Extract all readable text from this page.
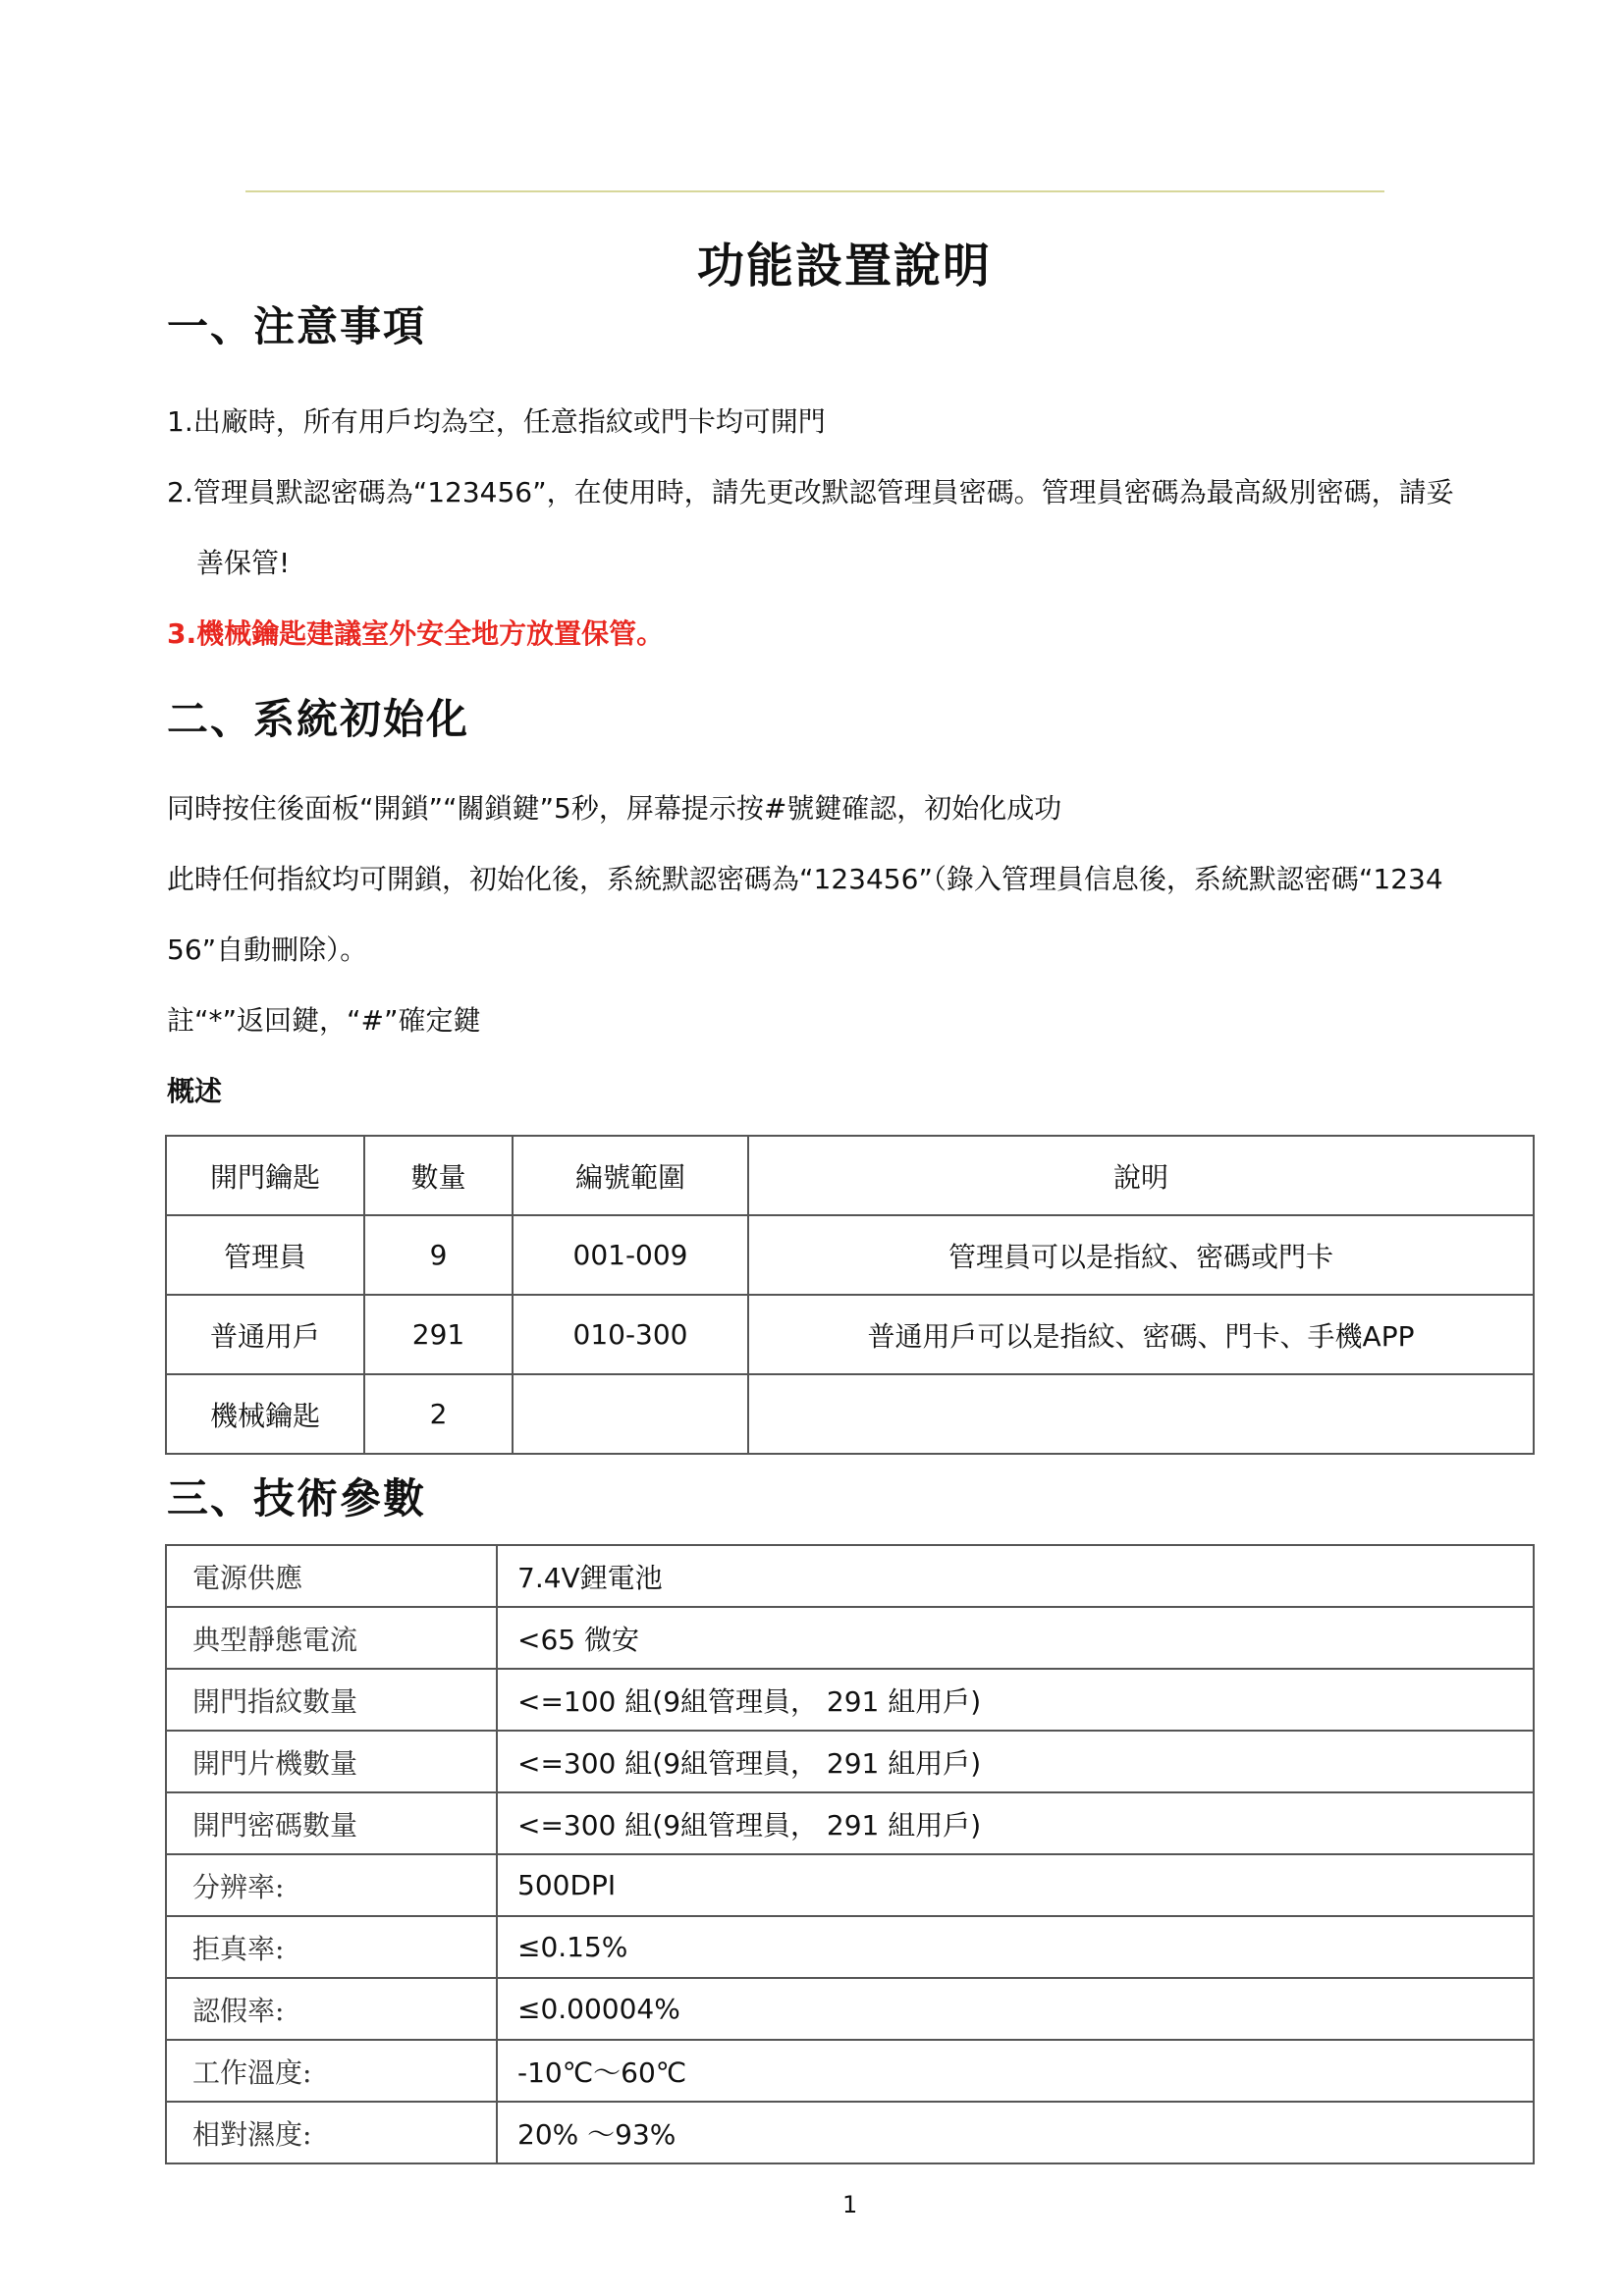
功能設置說明
一、注意事項
1.出廠時，所有用戶均為空，任意指紋或門卡均可開門
2.管理員默認密碼為“123456”，在使用時，請先更改默認管理員密碼。管理員密碼為最高級別密碼，請妥
善保管!
3.機械鑰匙建議室外安全地方放置保管。
二、系統初始化
同時按住後面板“開鎖”“關鎖鍵”5秒，屏幕提示按#號鍵確認，初始化成功
此時任何指紋均可開鎖，初始化後，系統默認密碼為“123456”（錄入管理員信息後，系統默認密碼“1234
56”自動刪除）。
註“*”返回鍵，“#”確定鍵
概述
開門鑰匙	數量	編號範圍	說明
管理員	9	001-009	管理員可以是指紋、密碼或門卡
普通用戶	291	010-300	普通用戶可以是指紋、密碼、門卡、手機APP
機械鑰匙	2		
三、技術參數
電源供應	7.4V鋰電池
典型靜態電流	<65 微安
開門指紋數量	<=100 組(9組管理員， 291 組用戶)
開門片機數量	<=300 組(9組管理員， 291 組用戶)
開門密碼數量	<=300 組(9組管理員， 291 組用戶)
分辨率:	500DPI
拒真率:	≤0.15%
認假率:	≤0.00004%
工作溫度:	-10℃～60℃
相對濕度:	20% ～93%
1
